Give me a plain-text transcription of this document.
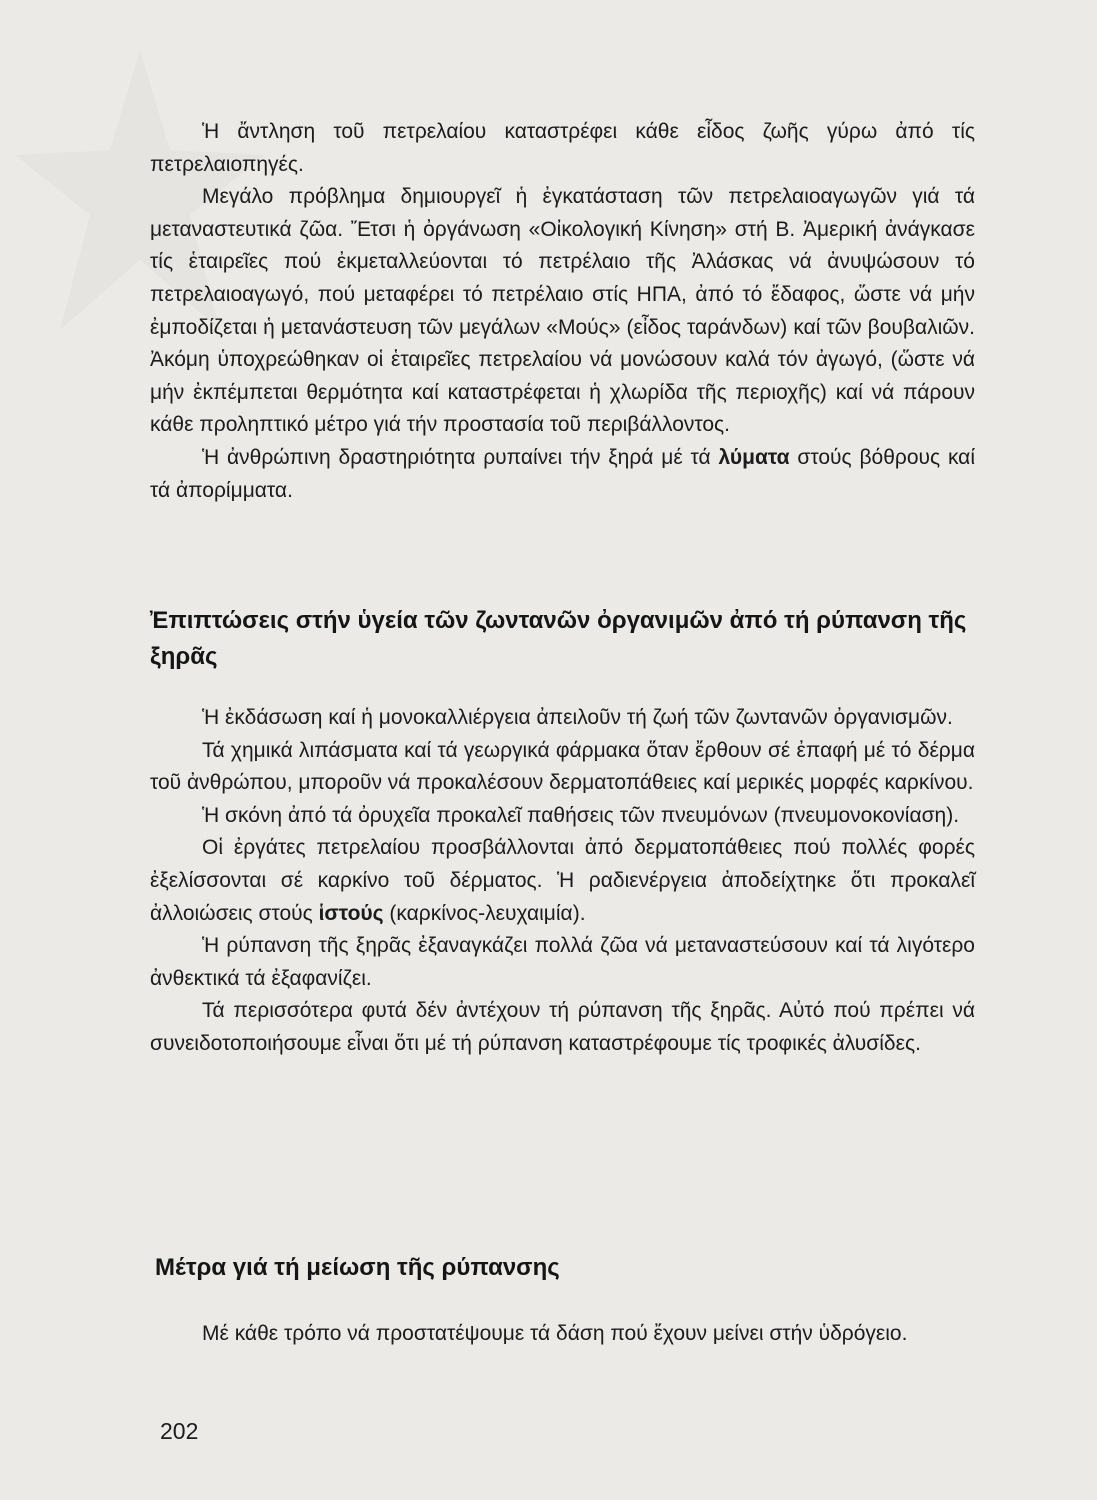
Ἡ ἄντληση τοῦ πετρελαίου καταστρέφει κάθε εἶδος ζωῆς γύρω ἀπό τίς πετρελαιοπηγές.

Μεγάλο πρόβλημα δημιουργεῖ ἡ ἐγκατάσταση τῶν πετρελαιοαγωγῶν γιά τά μεταναστευτικά ζῶα. Ἔτσι ἡ ὀργάνωση «Οἰκολογική Κίνηση» στή Β. Ἀμερική ἀνάγκασε τίς ἑταιρεῖες πού ἐκμεταλλεύονται τό πετρέλαιο τῆς Ἀλάσκας νά ἀνυψώσουν τό πετρελαιοαγωγό, πού μεταφέρει τό πετρέλαιο στίς ΗΠΑ, ἀπό τό ἔδαφος, ὥστε νά μήν ἐμποδίζεται ἡ μετανάστευση τῶν μεγάλων «Μούς» (εἶδος ταράνδων) καί τῶν βουβαλιῶν. Ἀκόμη ὑποχρεώθηκαν οἱ ἑταιρεῖες πετρελαίου νά μονώσουν καλά τόν ἀγωγό, (ὥστε νά μήν ἐκπέμπεται θερμότητα καί καταστρέφεται ἡ χλωρίδα τῆς περιοχῆς) καί νά πάρουν κάθε προληπτικό μέτρο γιά τήν προστασία τοῦ περιβάλλοντος.

Ἡ ἀνθρώπινη δραστηριότητα ρυπαίνει τήν ξηρά μέ τά λύματα στούς βόθρους καί τά ἀπορίμματα.

Ἐπιπτώσεις στήν ὑγεία τῶν ζωντανῶν ὀργανιμῶν ἀπό τή ρύπανση τῆς ξηρᾶς

Ἡ ἐκδάσωση καί ἡ μονοκαλλιέργεια ἀπειλοῦν τή ζωή τῶν ζωντανῶν ὀργανισμῶν.

Τά χημικά λιπάσματα καί τά γεωργικά φάρμακα ὅταν ἔρθουν σέ ἐπαφή μέ τό δέρμα τοῦ ἀνθρώπου, μποροῦν νά προκαλέσουν δερματοπάθειες καί μερικές μορφές καρκίνου.

Ἡ σκόνη ἀπό τά ὀρυχεῖα προκαλεῖ παθήσεις τῶν πνευμόνων (πνευμονοκονίαση).

Οἱ ἐργάτες πετρελαίου προσβάλλονται ἀπό δερματοπάθειες πού πολλές φορές ἐξελίσσονται σέ καρκίνο τοῦ δέρματος. Ἡ ραδιενέργεια ἀποδείχτηκε ὅτι προκαλεῖ ἀλλοιώσεις στούς ἱστούς (καρκίνος-λευχαιμία).

Ἡ ρύπανση τῆς ξηρᾶς ἐξαναγκάζει πολλά ζῶα νά μεταναστεύσουν καί τά λιγότερο ἀνθεκτικά τά ἐξαφανίζει.

Τά περισσότερα φυτά δέν ἀντέχουν τή ρύπανση τῆς ξηρᾶς. Αὐτό πού πρέπει νά συνειδοτοποιήσουμε εἶναι ὅτι μέ τή ρύπανση καταστρέφουμε τίς τροφικές ἀλυσίδες.

Μέτρα γιά τή μείωση τῆς ρύπανσης

Μέ κάθε τρόπο νά προστατέψουμε τά δάση πού ἔχουν μείνει στήν ὑδρόγειο.

202
